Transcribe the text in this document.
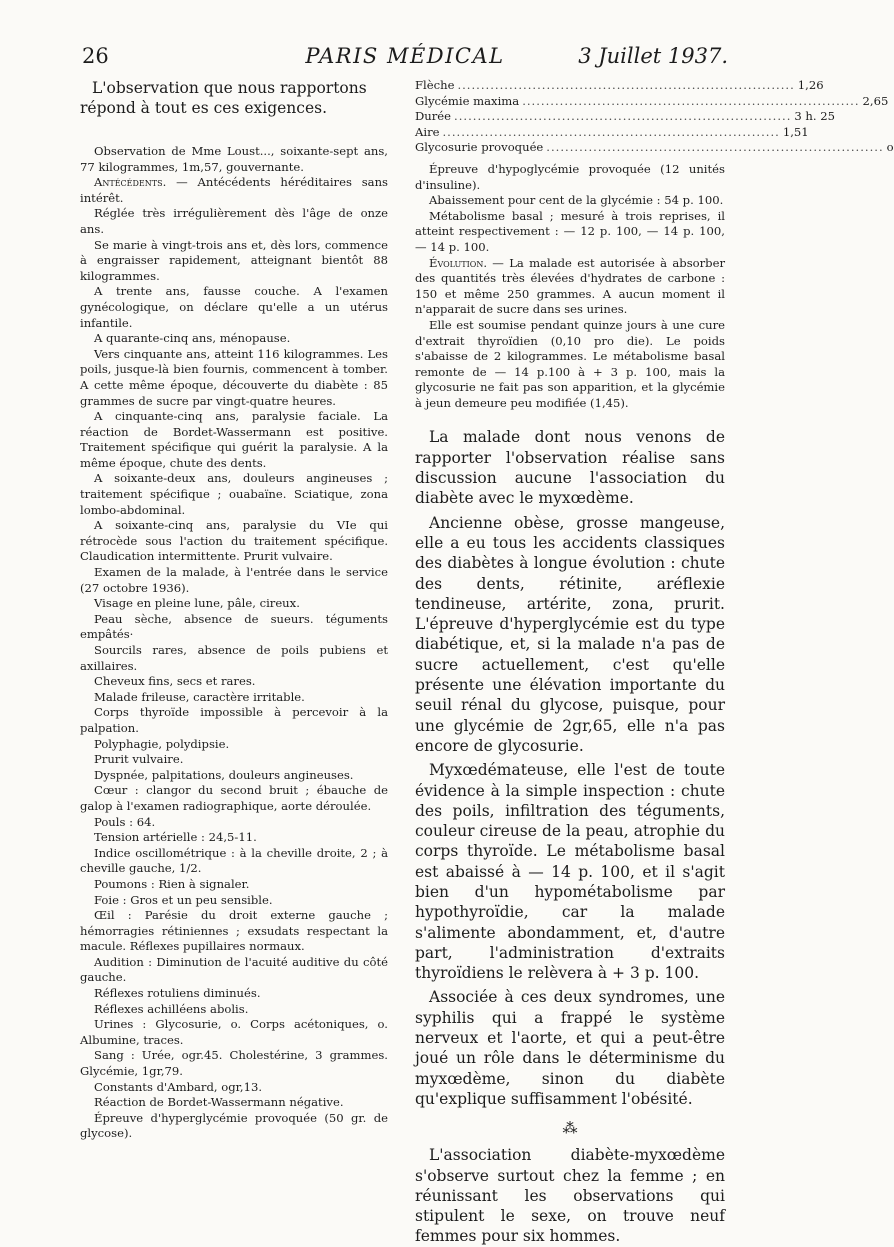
26	PARIS MÉDICAL	3 Juillet 1937.

L'observation que nous rapportons répond à tout es ces exigences.

Observation de Mme Loust..., soixante-sept ans, 77 kilogrammes, 1m,57, gouvernante.

Antécédents. — Antécédents héréditaires sans intérêt.

Réglée très irrégulièrement dès l'âge de onze ans.

Se marie à vingt-trois ans et, dès lors, commence à engraisser rapidement, atteignant bientôt 88 kilogrammes.

A trente ans, fausse couche. A l'examen gynécologique, on déclare qu'elle a un utérus infantile.

A quarante-cinq ans, ménopause.

Vers cinquante ans, atteint 116 kilogrammes. Les poils, jusque-là bien fournis, commencent à tomber. A cette même époque, découverte du diabète : 85 grammes de sucre par vingt-quatre heures.

A cinquante-cinq ans, paralysie faciale. La réaction de Bordet-Wassermann est positive. Traitement spécifique qui guérit la paralysie. A la même époque, chute des dents.

A soixante-deux ans, douleurs angineuses ; traitement spécifique ; ouabaïne. Sciatique, zona lombo-abdominal.

A soixante-cinq ans, paralysie du VIe qui rétrocède sous l'action du traitement spécifique. Claudication intermittente. Prurit vulvaire.

Examen de la malade, à l'entrée dans le service (27 octobre 1936).

Visage en pleine lune, pâle, cireux.

Peau sèche, absence de sueurs. téguments empâtés·

Sourcils rares, absence de poils pubiens et axillaires.

Cheveux fins, secs et rares.

Malade frileuse, caractère irritable.

Corps thyroïde impossible à percevoir à la palpation.

Polyphagie, polydipsie.

Prurit vulvaire.

Dyspnée, palpitations, douleurs angineuses.

Cœur : clangor du second bruit ; ébauche de galop à l'examen radiographique, aorte déroulée.

Pouls : 64.

Tension artérielle : 24,5-11.

Indice oscillométrique : à la cheville droite, 2 ; à cheville gauche, 1/2.

Poumons : Rien à signaler.

Foie : Gros et un peu sensible.

Œil : Parésie du droit externe gauche ; hémorragies rétiniennes ; exsudats respectant la macule. Réflexes pupillaires normaux.

Audition : Diminution de l'acuité auditive du côté gauche.

Réflexes rotuliens diminués.

Réflexes achilléens abolis.

Urines : Glycosurie, o. Corps acétoniques, o. Albumine, traces.

Sang : Urée, ogr.45. Cholestérine, 3 grammes. Glycémie, 1gr,79.

Constants d'Ambard, ogr,13.

Réaction de Bordet-Wassermann négative.

Épreuve d'hyperglycémie provoquée (50 gr. de glycose).

Flèche ........................................................................ 1,26
Glycémie maxima ........................................................................ 2,65
Durée ........................................................................ 3 h. 25
Aire ........................................................................ 1,51
Glycosurie provoquée ........................................................................ o

Épreuve d'hypoglycémie provoquée (12 unités d'insuline).

Abaissement pour cent de la glycémie : 54 p. 100.

Métabolisme basal ; mesuré à trois reprises, il atteint respectivement : — 12 p. 100, — 14 p. 100, — 14 p. 100.

Évolution. — La malade est autorisée à absorber des quantités très élevées d'hydrates de carbone : 150 et même 250 grammes. A aucun moment il n'apparait de sucre dans ses urines.

Elle est soumise pendant quinze jours à une cure d'extrait thyroïdien (0,10 pro die). Le poids s'abaisse de 2 kilogrammes. Le métabolisme basal remonte de — 14 p.100 à + 3 p. 100, mais la glycosurie ne fait pas son apparition, et la glycémie à jeun demeure peu modifiée (1,45).

La malade dont nous venons de rapporter l'observation réalise sans discussion aucune l'association du diabète avec le myxœdème.

Ancienne obèse, grosse mangeuse, elle a eu tous les accidents classiques des diabètes à longue évolution : chute des dents, rétinite, aréflexie tendineuse, artérite, zona, prurit. L'épreuve d'hyperglycémie est du type diabétique, et, si la malade n'a pas de sucre actuellement, c'est qu'elle présente une élévation importante du seuil rénal du glycose, puisque, pour une glycémie de 2gr,65, elle n'a pas encore de glycosurie.

Myxœdémateuse, elle l'est de toute évidence à la simple inspection : chute des poils, infiltration des téguments, couleur cireuse de la peau, atrophie du corps thyroïde. Le métabolisme basal est abaissé à — 14 p. 100, et il s'agit bien d'un hypométabolisme par hypothyroïdie, car la malade s'alimente abondamment, et, d'autre part, l'administration d'extraits thyroïdiens le relèvera à + 3 p. 100.

Associée à ces deux syndromes, une syphilis qui a frappé le système nerveux et l'aorte, et qui a peut-être joué un rôle dans le déterminisme du myxœdème, sinon du diabète qu'explique suffisamment l'obésité.

⁂

L'association diabète-myxœdème s'observe surtout chez la femme ; en réunissant les observations qui stipulent le sexe, on trouve neuf femmes pour six hommes.
